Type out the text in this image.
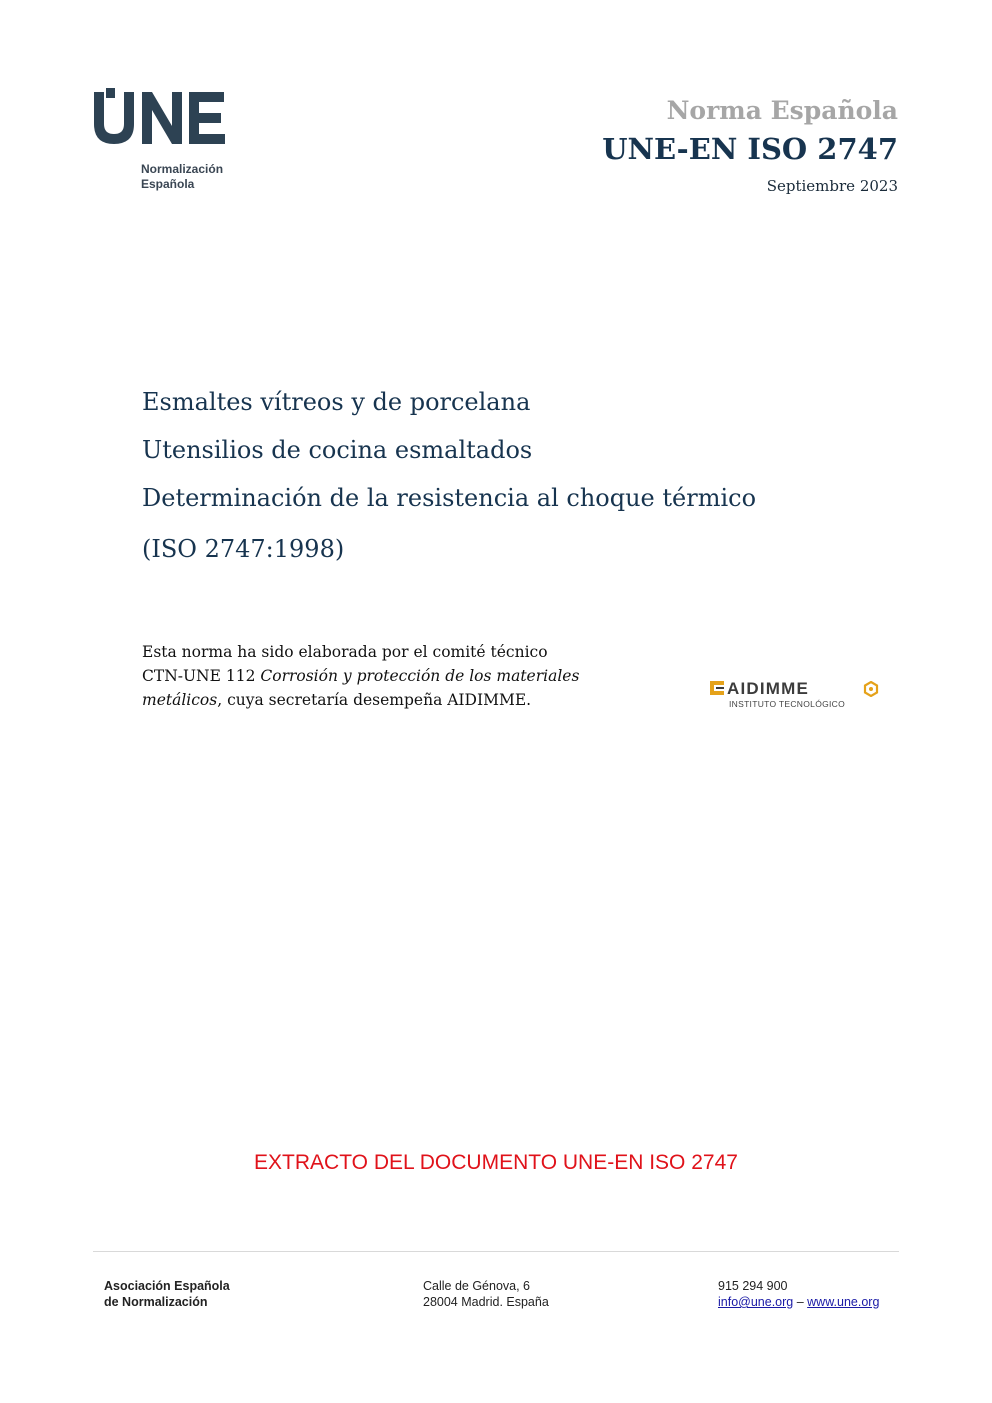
Normalización
Española
Norma Española
UNE-EN ISO 2747
Septiembre 2023
Esmaltes vítreos y de porcelana
Utensilios de cocina esmaltados
Determinación de la resistencia al choque térmico
(ISO 2747:1998)
Esta norma ha sido elaborada por el comité técnico
CTN-UNE 112 Corrosión y protección de los materiales metálicos, cuya secretaría desempeña AIDIMME.
AIDIMME
INSTITUTO TECNOLÓGICO
EXTRACTO DEL DOCUMENTO UNE-EN ISO 2747
Asociación Española
de Normalización
Calle de Génova, 6
28004 Madrid. España
915 294 900
info@une.org – www.une.org
